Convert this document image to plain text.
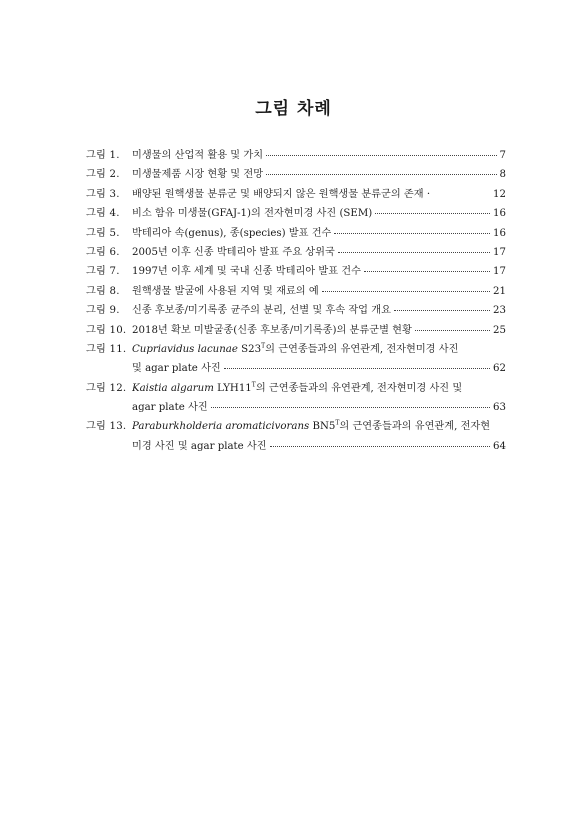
그림 차례
그림 1.	미생물의 산업적 활용 및 가치	7
그림 2.	미생물제품 시장 현황 및 전망	8
그림 3.	배양된 원핵생물 분류군 및 배양되지 않은 원핵생물 분류군의 존재 ·	12
그림 4.	비소 함유 미생물(GFAJ-1)의 전자현미경 사진 (SEM)	16
그림 5.	박테리아 속(genus), 종(species) 발표 건수	16
그림 6.	2005년 이후 신종 박테리아 발표 주요 상위국	17
그림 7.	1997년 이후 세계 및 국내 신종 박테리아 발표 건수	17
그림 8.	원핵생물 발굴에 사용된 지역 및 재료의 예	21
그림 9.	신종 후보종/미기록종 균주의 분리, 선별 및 후속 작업 개요	23
그림 10. 2018년 확보 미발굴종(신종 후보종/미기록종)의 분류군별 현황	25
그림 11. Cupriavidus lacunae $S23^T$의 근연종들과의 유연관계, 전자현미경 사진
및 agar plate 사진	62
그림 12. Kaistia algarum $LYH11^T$의 근연종들과의 유연관계, 전자현미경 사진 및
agar plate 사진	63
그림 13. Paraburkholderia aromaticivorans $BN5^T$의 근연종들과의 유연관계, 전자현
미경 사진 및 agar plate 사진	64
